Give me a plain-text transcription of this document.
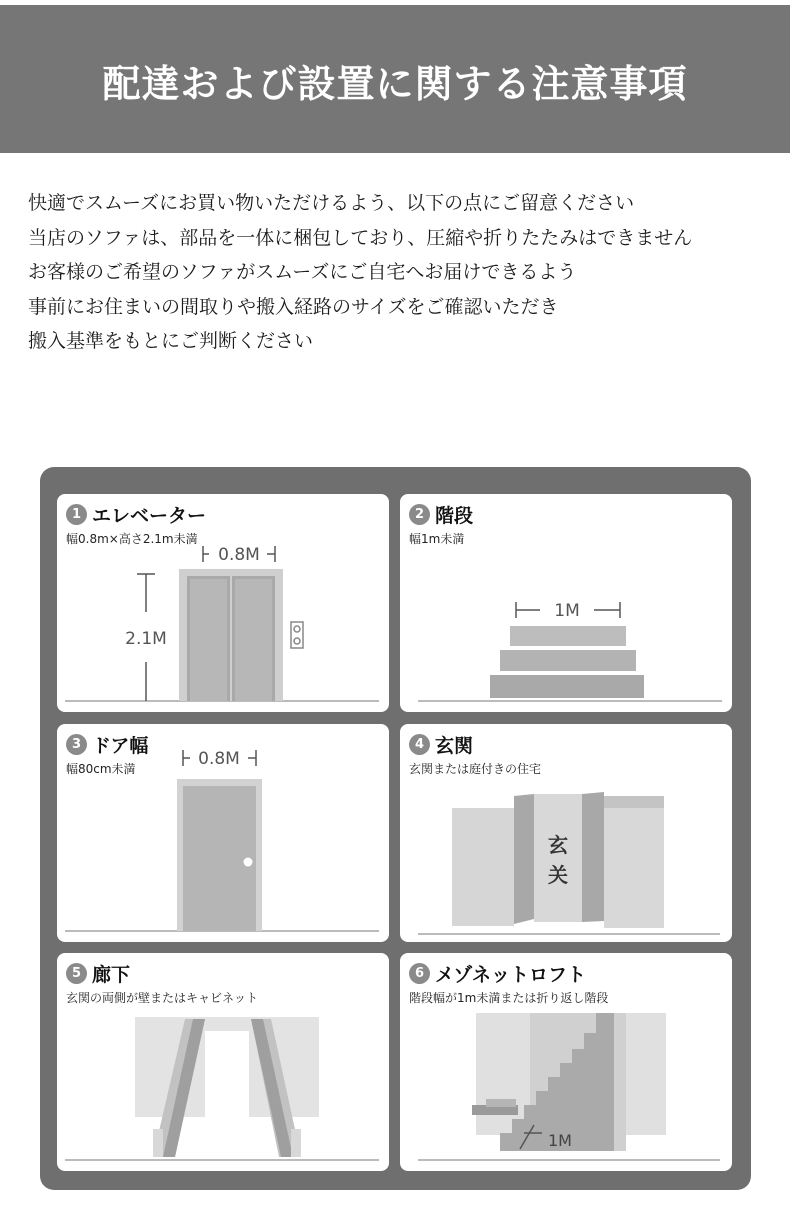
配達および設置に関する注意事項
快適でスムーズにお買い物いただけるよう、以下の点にご留意ください
当店のソファは、部品を一体に梱包しており、圧縮や折りたたみはできません
お客様のご希望のソファがスムーズにご自宅へお届けできるよう
事前にお住まいの間取りや搬入経路のサイズをご確認いただき
搬入基準をもとにご判断ください
0.8M
2.1M
1 エレベーター
幅0.8m×高さ2.1m未満
1M
2 階段
幅1m未満
0.8M
3 ドア幅
幅80cm未満
玄
关
4 玄関
玄関または庭付きの住宅
5 廊下
玄関の両側が壁またはキャビネット
1M
6 メゾネットロフト
階段幅が1m未満または折り返し階段
